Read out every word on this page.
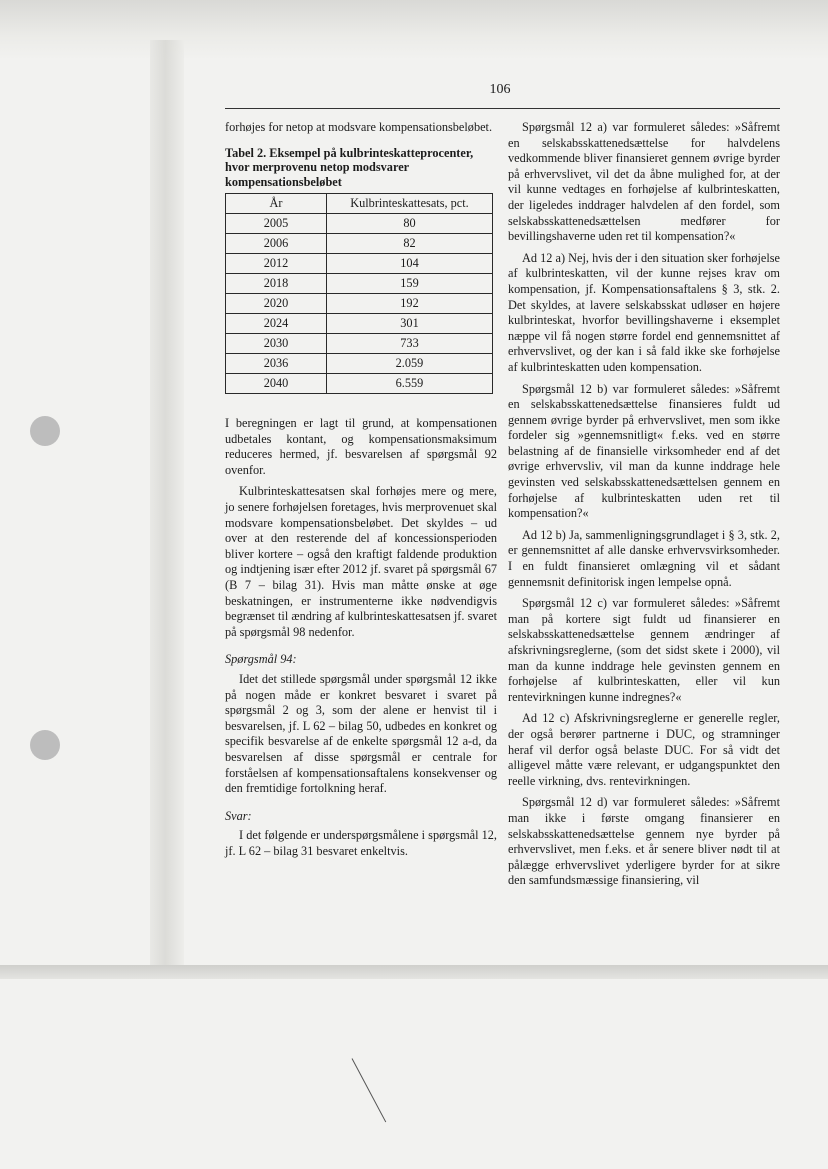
106

forhøjes for netop at modsvare kompensationsbeløbet.

Tabel 2. Eksempel på kulbrinteskatteprocenter, hvor merprovenu netop modsvarer kompensationsbeløbet
År	Kulbrinteskattesats, pct.
2005	80
2006	82
2012	104
2018	159
2020	192
2024	301
2030	733
2036	2.059
2040	6.559

I beregningen er lagt til grund, at kompensationen udbetales kontant, og kompensationsmaksimum reduceres hermed, jf. besvarelsen af spørgsmål 92 ovenfor.

Kulbrinteskattesatsen skal forhøjes mere og mere, jo senere forhøjelsen foretages, hvis merprovenuet skal modsvare kompensationsbeløbet. Det skyldes – ud over at den resterende del af koncessionsperioden bliver kortere – også den kraftigt faldende produktion og indtjening især efter 2012 jf. svaret på spørgsmål 67 (B 7 – bilag 31). Hvis man måtte ønske at øge beskatningen, er instrumenterne ikke nødvendigvis begrænset til ændring af kulbrinteskattesatsen jf. svaret på spørgsmål 98 nedenfor.

Spørgsmål 94:

Idet det stillede spørgsmål under spørgsmål 12 ikke på nogen måde er konkret besvaret i svaret på spørgsmål 2 og 3, som der alene er henvist til i besvarelsen, jf. L 62 – bilag 50, udbedes en konkret og specifik besvarelse af de enkelte spørgsmål 12 a-d, da besvarelsen af disse spørgsmål er centrale for forståelsen af kompensationsaftalens konsekvenser og den fremtidige fortolkning heraf.

Svar:

I det følgende er underspørgsmålene i spørgsmål 12, jf. L 62 – bilag 31 besvaret enkeltvis.

Spørgsmål 12 a) var formuleret således: »Såfremt en selskabsskattenedsættelse for halvdelens vedkommende bliver finansieret gennem øvrige byrder på erhvervslivet, vil det da åbne mulighed for, at der vil kunne vedtages en forhøjelse af kulbrinteskatten, der ligeledes inddrager halvdelen af den fordel, som selskabsskattenedsættelsen medfører for bevillingshaverne uden ret til kompensation?«

Ad 12 a) Nej, hvis der i den situation sker forhøjelse af kulbrinteskatten, vil der kunne rejses krav om kompensation, jf. Kompensationsaftalens § 3, stk. 2. Det skyldes, at lavere selskabsskat udløser en højere kulbrinteskat, hvorfor bevillingshaverne i eksemplet næppe vil få nogen større fordel end gennemsnittet af erhvervslivet, og der kan i så fald ikke ske forhøjelse af kulbrinteskatten uden kompensation.

Spørgsmål 12 b) var formuleret således: »Såfremt en selskabsskattenedsættelse finansieres fuldt ud gennem øvrige byrder på erhvervslivet, men som ikke fordeler sig »gennemsnitligt« f.eks. ved en større belastning af de finansielle virksomheder end af det øvrige erhvervsliv, vil man da kunne inddrage hele gevinsten ved selskabsskattenedsættelsen gennem en forhøjelse af kulbrinteskatten uden ret til kompensation?«

Ad 12 b) Ja, sammenligningsgrundlaget i § 3, stk. 2, er gennemsnittet af alle danske erhvervsvirksomheder. I en fuldt finansieret omlægning vil et sådant gennemsnit definitorisk ingen lempelse opnå.

Spørgsmål 12 c) var formuleret således: »Såfremt man på kortere sigt fuldt ud finansierer en selskabsskattenedsættelse gennem ændringer af afskrivningsreglerne, (som det sidst skete i 2000), vil man da kunne inddrage hele gevinsten gennem en forhøjelse af kulbrinteskatten, eller vil kun rentevirkningen kunne indregnes?«

Ad 12 c) Afskrivningsreglerne er generelle regler, der også berører partnerne i DUC, og stramninger heraf vil derfor også belaste DUC. For så vidt det alligevel måtte være relevant, er udgangspunktet den reelle virkning, dvs. rentevirkningen.

Spørgsmål 12 d) var formuleret således: »Såfremt man ikke i første omgang finansierer en selskabsskattenedsættelse gennem nye byrder på erhvervslivet, men f.eks. et år senere bliver nødt til at pålægge erhvervslivet yderligere byrder for at sikre den samfundsmæssige finansiering, vil
